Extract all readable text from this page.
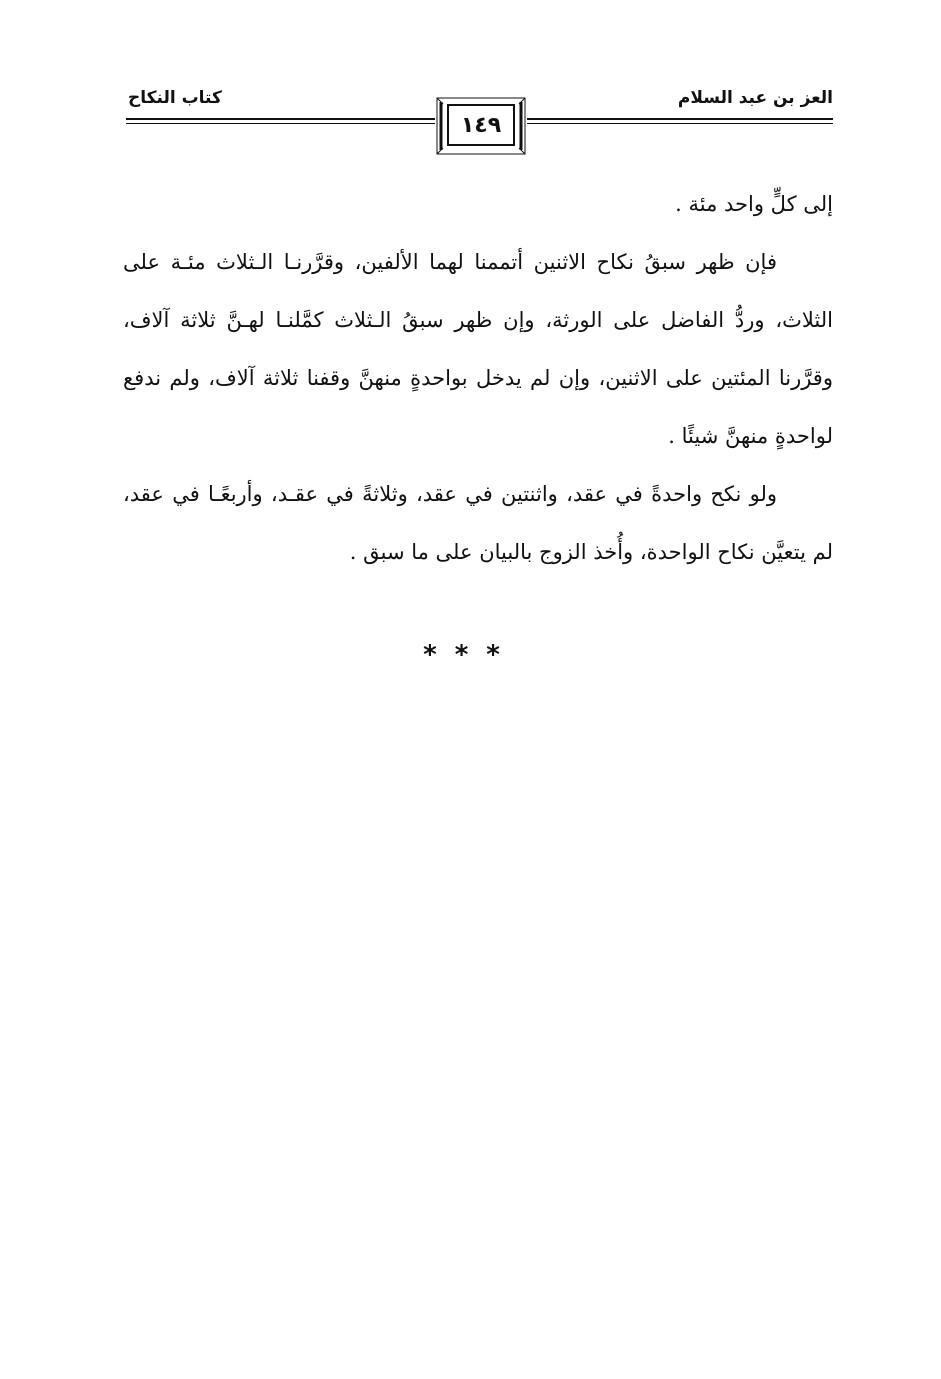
العز بن عبد السلام
كتاب النكاح
١٤٩

إلى كلٍّ واحد مئة .

فإن ظهر سبقُ نكاح الاثنين أتممنا لهما الألفين، وقرَّرنـا الـثلاث مئـة على الثلاث، وردُّ الفاضل على الورثة، وإن ظهر سبقُ الـثلاث كمَّلنـا لهـنَّ ثلاثة آلاف، وقرَّرنا المئتين على الاثنين، وإن لم يدخل بواحدةٍ منهنَّ وقفنا ثلاثة آلاف، ولم ندفع لواحدةٍ منهنَّ شيئًا .

ولو نكح واحدةً في عقد، واثنتين في عقد، وثلاثةً في عقـد، وأربعًـا في عقد، لم يتعيَّن نكاح الواحدة، وأُخذ الزوج بالبيان على ما سبق .

***
